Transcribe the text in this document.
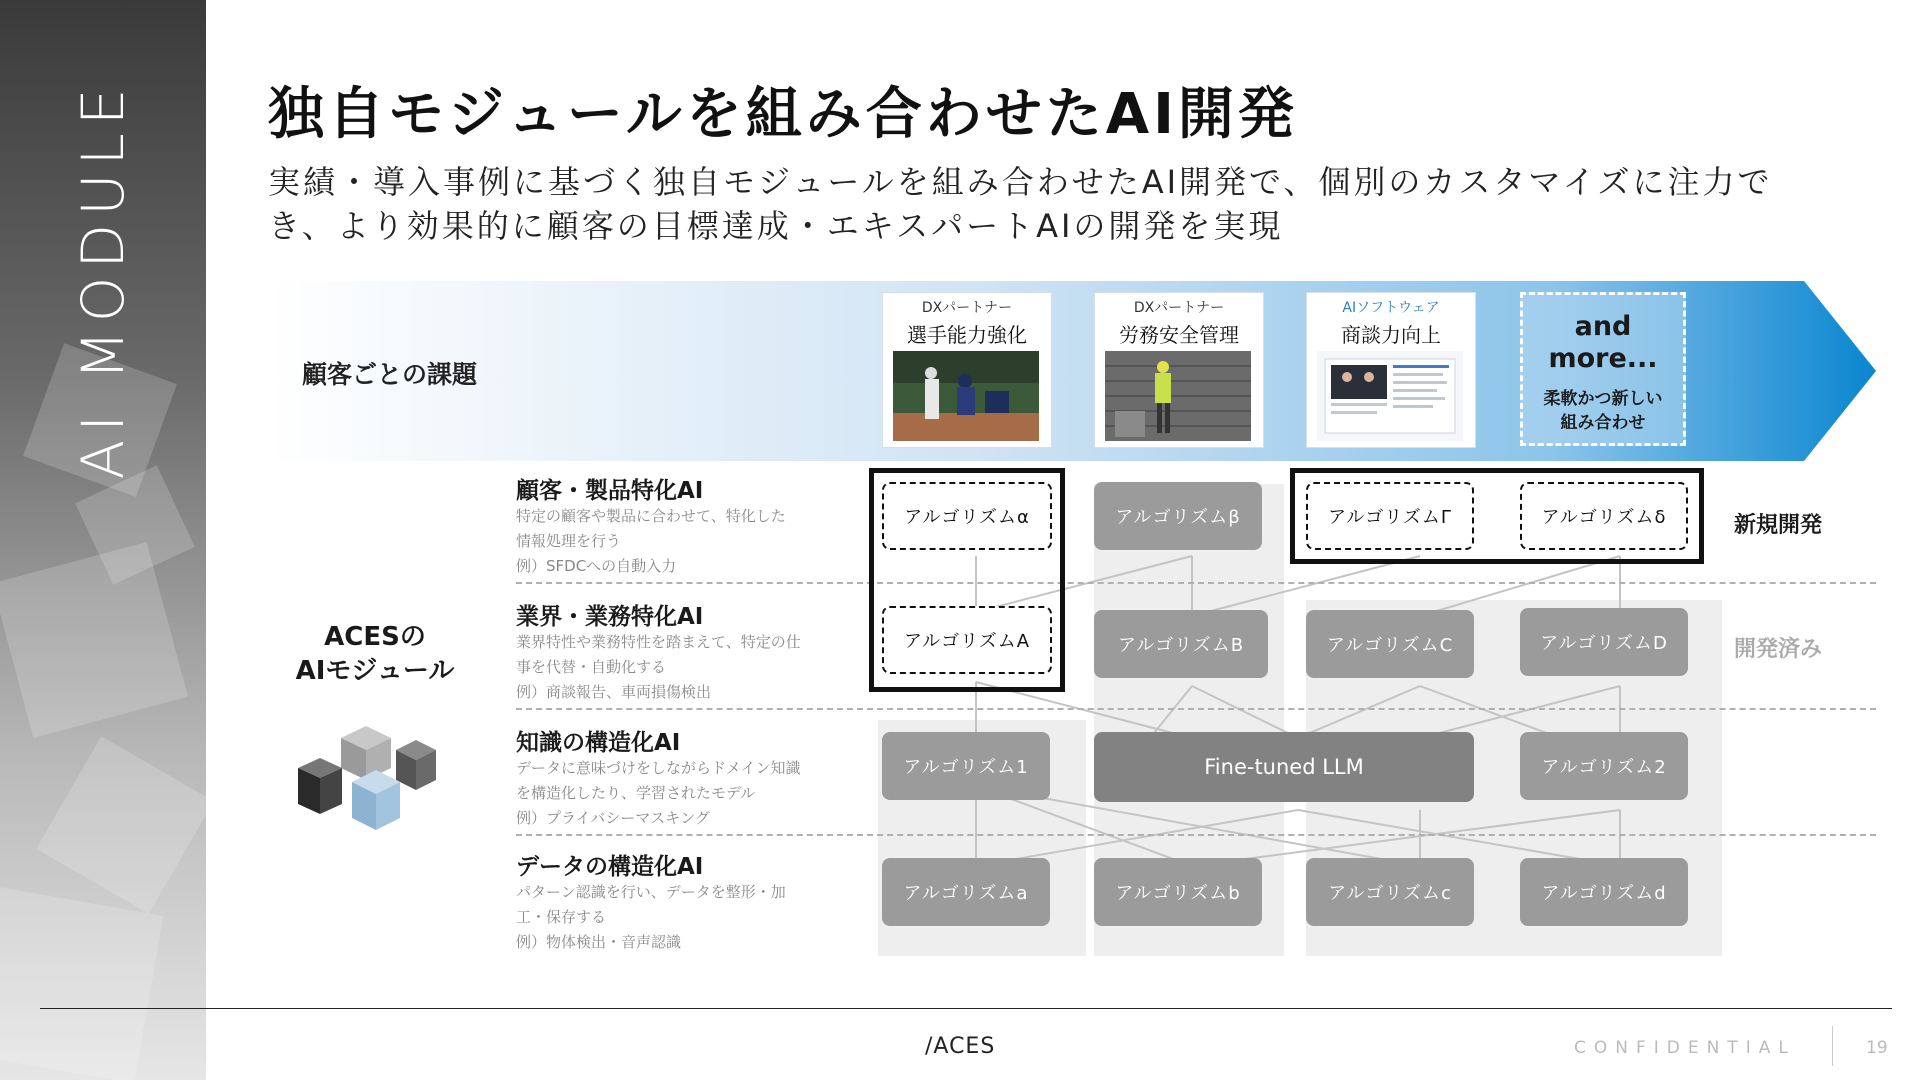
AI MODULE 独自モジュールを組み合わせたAI開発
実績・導入事例に基づく独自モジュールを組み合わせたAI開発で、個別のカスタマイズに注力で
き、より効果的に顧客の目標達成・エキスパートAIの開発を実現
顧客ごとの課題
DXパートナー
選手能力強化
DXパートナー
労務安全管理
AIソフトウェア
商談力向上	and
more...
柔軟かつ新しい
組み合わせ
顧客・製品特化AI
特定の顧客や製品に合わせて、特化した
情報処理を行う
例）SFDCへの自動入力
業界・業務特化AI
業界特性や業務特性を踏まえて、特定の仕
事を代替・自動化する
例）商談報告、車両損傷検出
知識の構造化AI
データに意味づけをしながらドメイン知識
を構造化したり、学習されたモデル
例）プライバシーマスキング
データの構造化AI
パターン認識を行い、データを整形・加
工・保存する
例）物体検出・音声認識
ACESの
AIモジュール
アルゴリズムα	アルゴリズムβ	アルゴリズムΓ	アルゴリズムδ
アルゴリズムA	アルゴリズムB	アルゴリズムC	アルゴリズムD
アルゴリズム1	Fine-tuned LLM	アルゴリズム2
アルゴリズムa	アルゴリズムb	アルゴリズムc	アルゴリズムd
新規開発
開発済み
/ACES	CONFIDENTIAL	19
